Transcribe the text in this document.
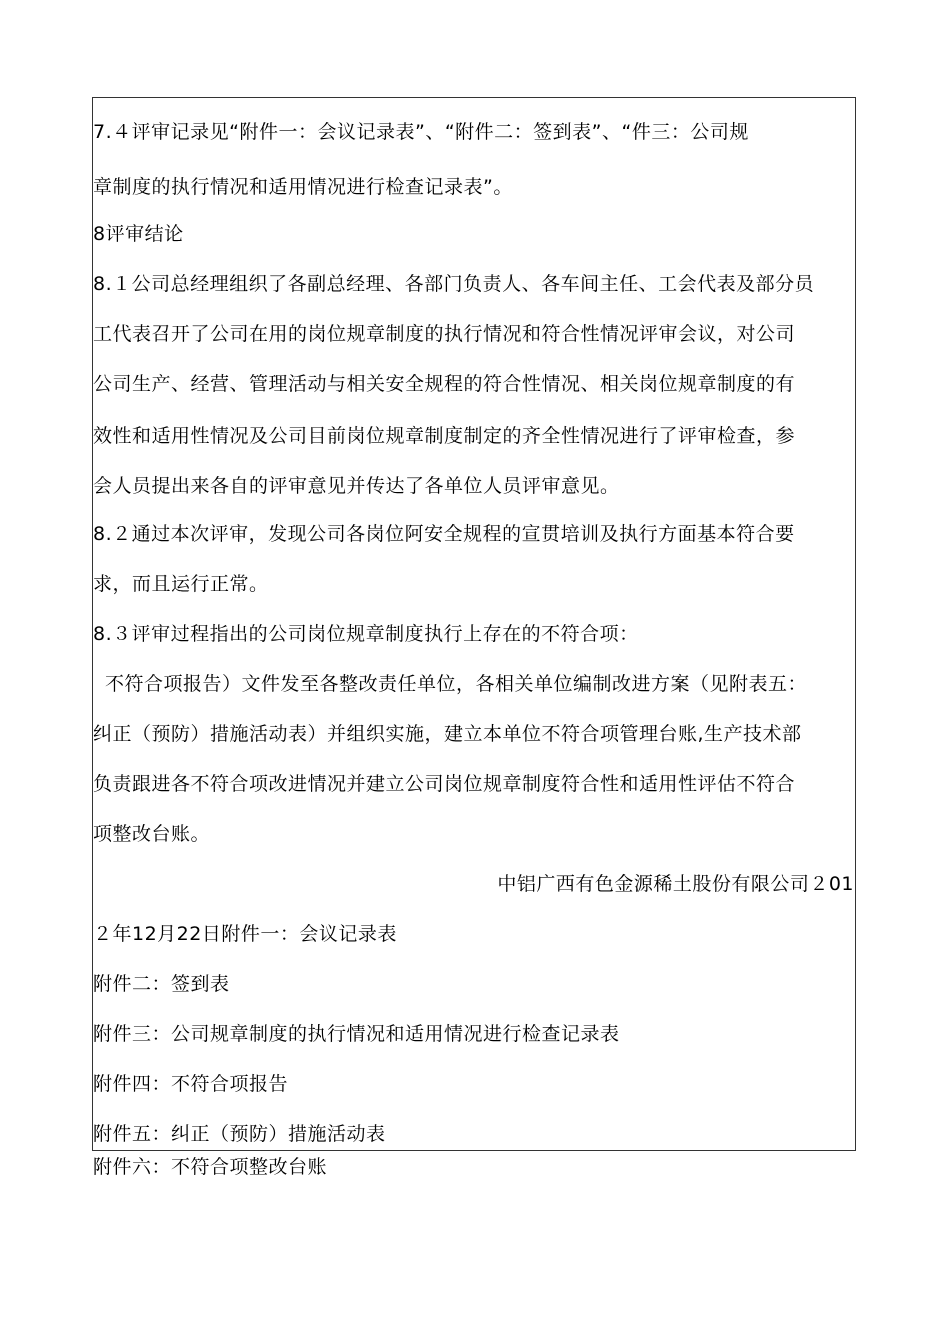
7.４评审记录见“附件一：会议记录表”、“附件二：签到表”、“件三：公司规
章制度的执行情况和适用情况进行检查记录表”。
8评审结论
8.１公司总经理组织了各副总经理、各部门负责人、各车间主任、工会代表及部分员
工代表召开了公司在用的岗位规章制度的执行情况和符合性情况评审会议，对公司
公司生产、经营、管理活动与相关安全规程的符合性情况、相关岗位规章制度的有
效性和适用性情况及公司目前岗位规章制度制定的齐全性情况进行了评审检查，参
会人员提出来各自的评审意见并传达了各单位人员评审意见。
8.２通过本次评审，发现公司各岗位阿安全规程的宣贯培训及执行方面基本符合要
求，而且运行正常。
8.３评审过程指出的公司岗位规章制度执行上存在的不符合项：
不符合项报告）文件发至各整改责任单位，各相关单位编制改进方案（见附表五：
纠正（预防）措施活动表）并组织实施，建立本单位不符合项管理台账,生产技术部
负责跟进各不符合项改进情况并建立公司岗位规章制度符合性和适用性评估不符合
项整改台账。
中铝广西有色金源稀土股份有限公司２01
２年12月22日附件一：会议记录表
附件二：签到表
附件三：公司规章制度的执行情况和适用情况进行检查记录表
附件四：不符合项报告
附件五：纠正（预防）措施活动表
附件六：不符合项整改台账
